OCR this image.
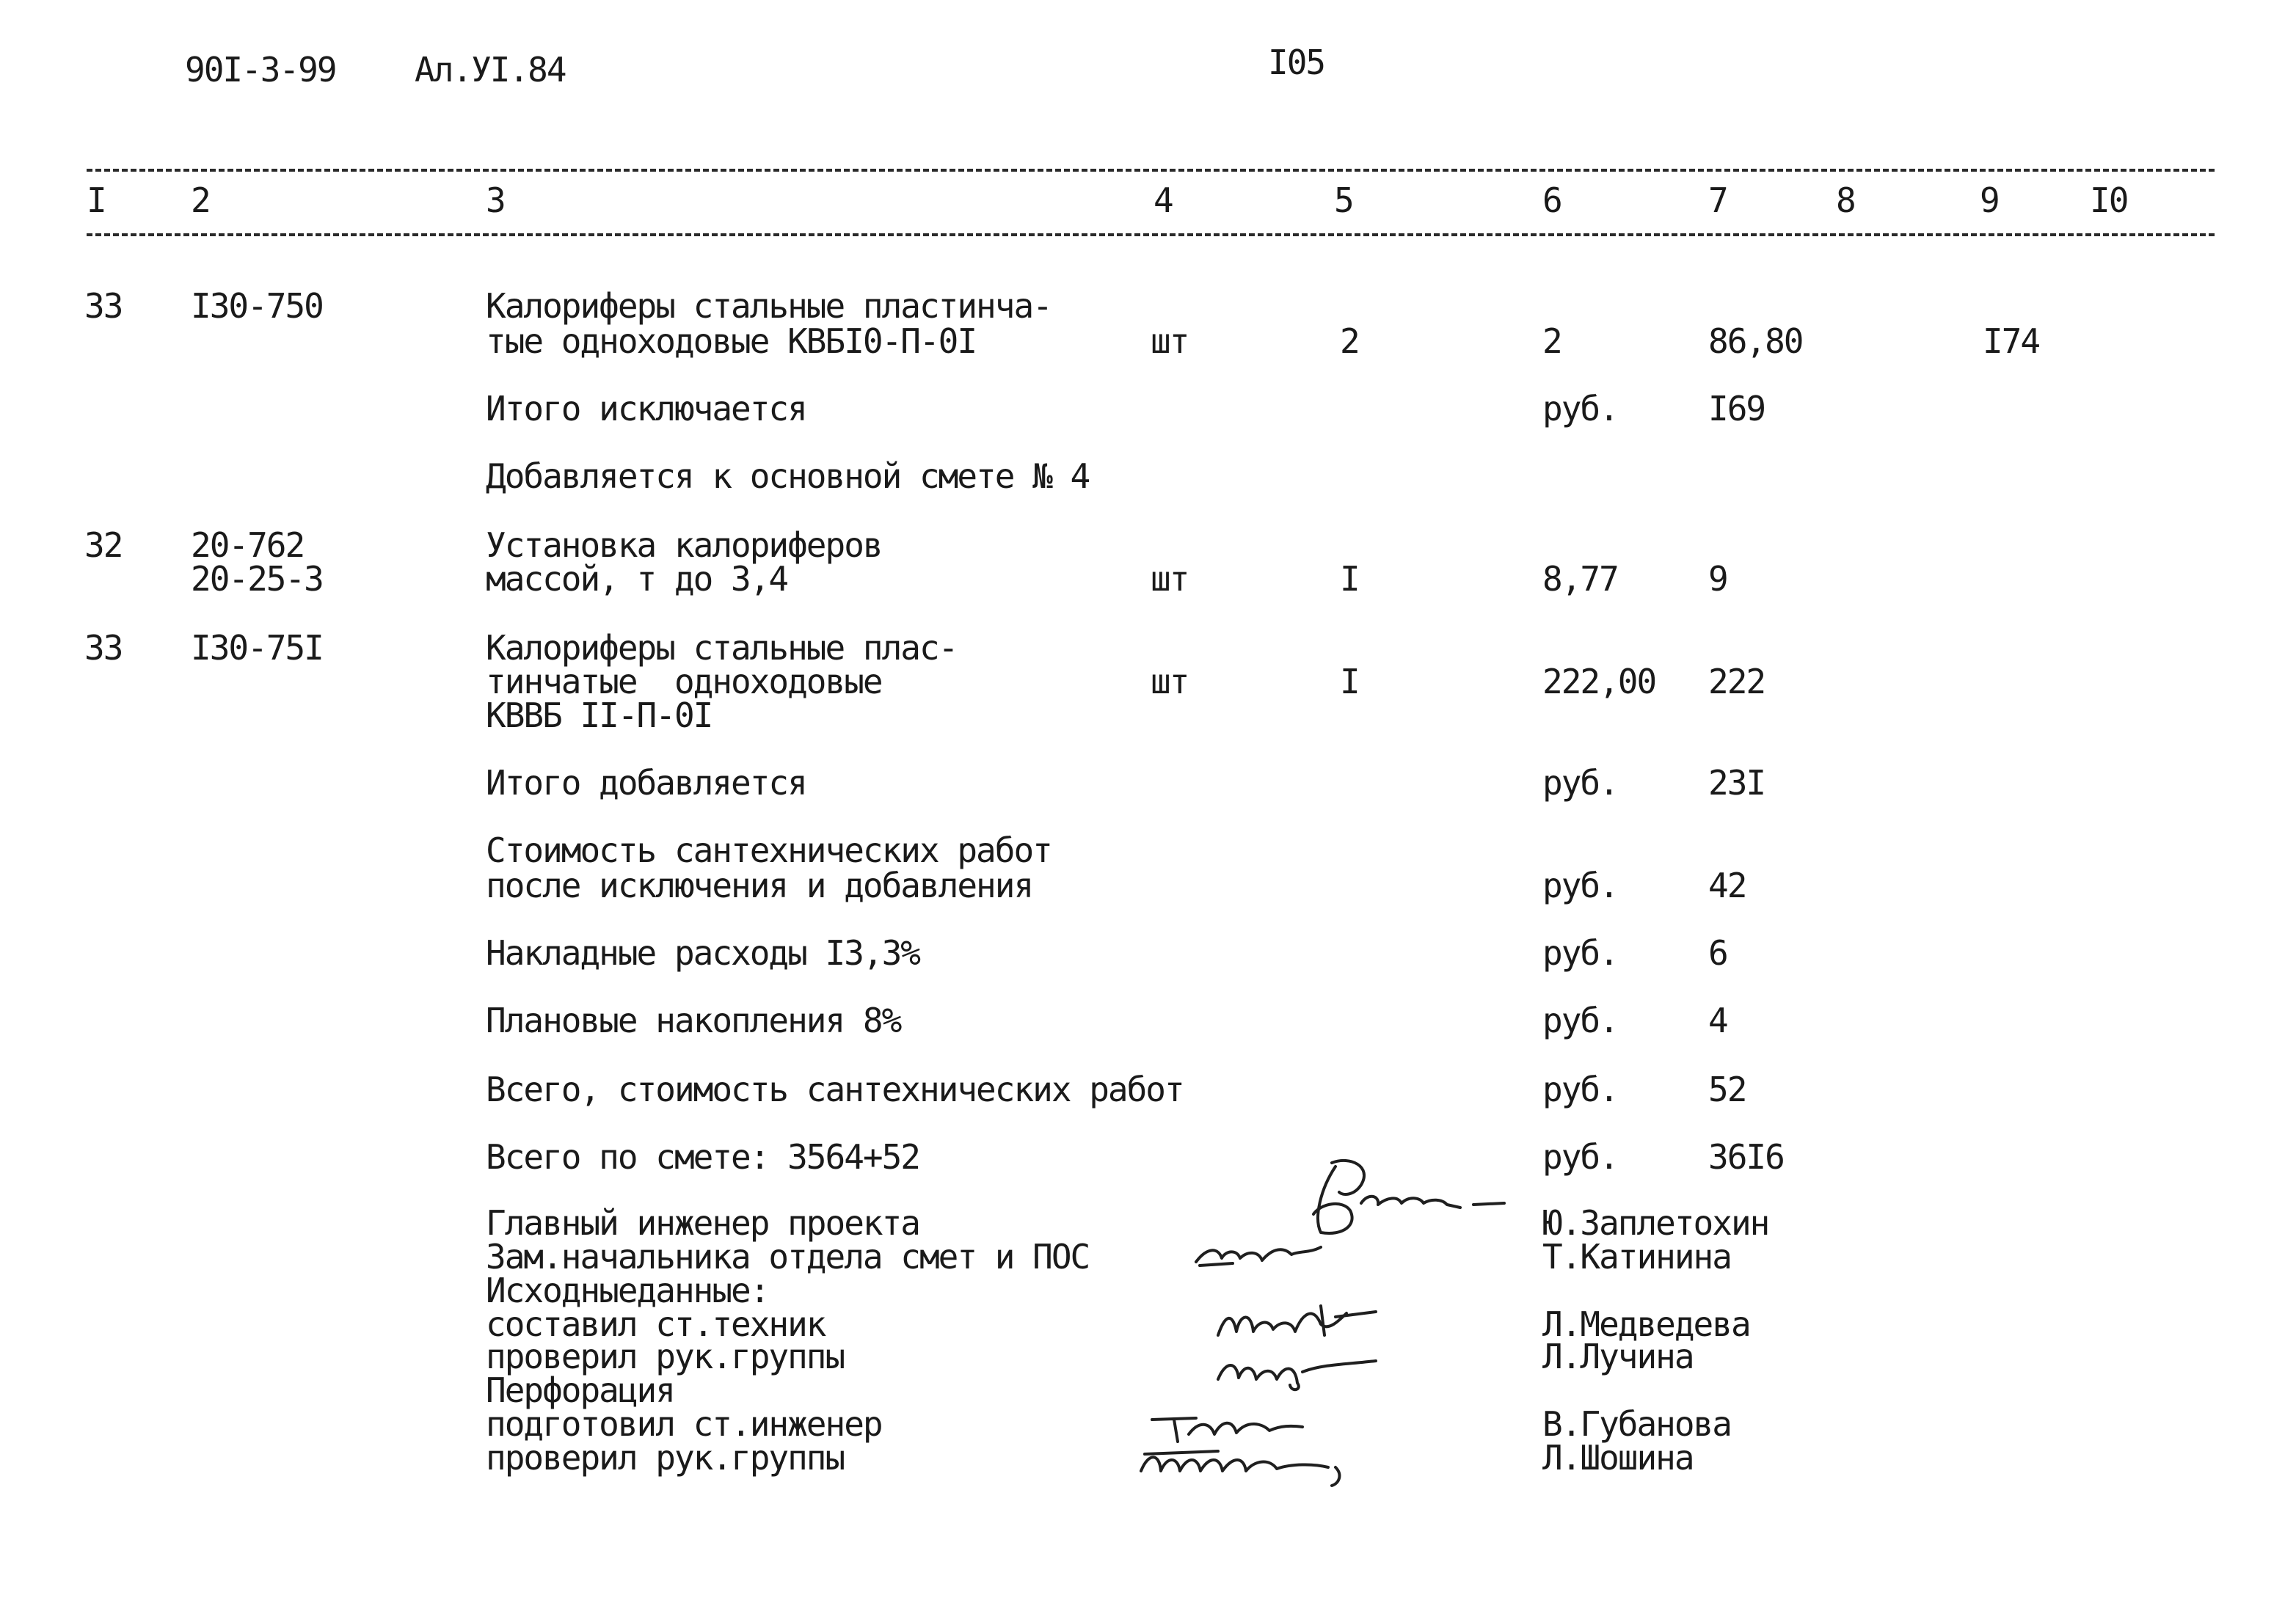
90I-3-99 Ал.УI.84	I05
I	2	3	4	5	6	7	8	9	I0
33 I30-750	Калориферы стальные пластинча-
тые одноходовые КВБI0-П-0I	шт	2	2	86,80	I74
Итого исключается	руб.	I69
Добавляется к основной смете № 4
32 20-762
20-25-3
Установка калориферов
массой, т до 3,4	шт	I	8,77	9
33 I30-75I	Калориферы стальные плас-
тинчатые  одноходовые
КВВБ II-П-0I
шт	I	222,00 222
Итого добавляется	руб.	23I
Стоимость сантехнических работ
после исключения и добавления	руб.	42
Накладные расходы I3,3%	руб.	6
Плановые накопления 8%	руб.	4
Всего, стоимость сантехнических работ	руб.	52
Всего по смете: 3564+52	руб.	36I6
Главный инженер проекта	Ю.Заплетохин
Зам.начальника отдела смет и ПОС	Т.Катинина
Исходныеданные:
составил ст.техник	Л.Медведева
проверил рук.группы	Л.Лучина
Перфорация
подготовил ст.инженер	В.Губанова
проверил рук.группы	Л.Шошина
